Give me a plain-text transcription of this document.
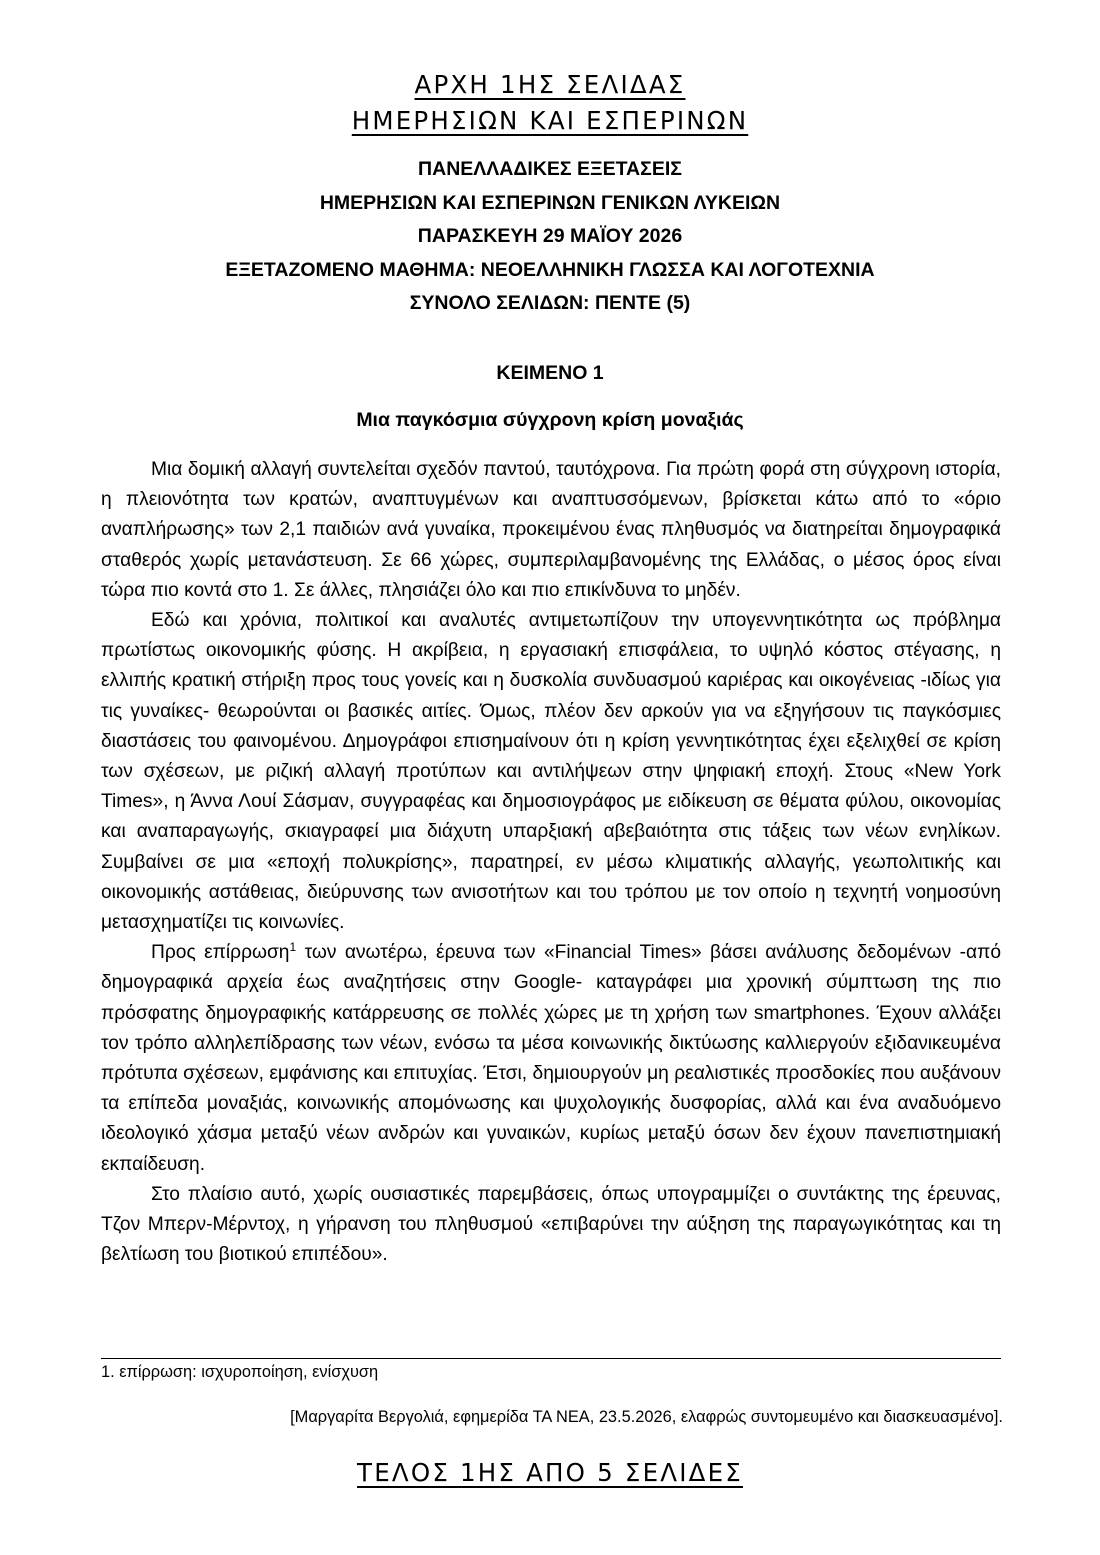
ΑΡΧΗ 1ΗΣ ΣΕΛΙΔΑΣ
ΗΜΕΡΗΣΙΩΝ ΚΑΙ ΕΣΠΕΡΙΝΩΝ
ΠΑΝΕΛΛΑΔΙΚΕΣ ΕΞΕΤΑΣΕΙΣ
ΗΜΕΡΗΣΙΩΝ ΚΑΙ ΕΣΠΕΡΙΝΩΝ ΓΕΝΙΚΩΝ ΛΥΚΕΙΩΝ
ΠΑΡΑΣΚΕΥΗ 29 ΜΑΪΟΥ 2026
ΕΞΕΤΑΖΟΜΕΝΟ ΜΑΘΗΜΑ: ΝΕΟΕΛΛΗΝΙΚΗ ΓΛΩΣΣΑ ΚΑΙ ΛΟΓΟΤΕΧΝΙΑ
ΣΥΝΟΛΟ ΣΕΛΙΔΩΝ: ΠΕΝΤΕ (5)
ΚΕΙΜΕΝΟ 1
Μια παγκόσμια σύγχρονη κρίση μοναξιάς

Μια δομική αλλαγή συντελείται σχεδόν παντού, ταυτόχρονα. Για πρώτη φορά στη σύγχρονη ιστορία, η πλειονότητα των κρατών, αναπτυγμένων και αναπτυσσόμενων, βρίσκεται κάτω από το «όριο αναπλήρωσης» των 2,1 παιδιών ανά γυναίκα, προκειμένου ένας πληθυσμός να διατηρείται δημογραφικά σταθερός χωρίς μετανάστευση. Σε 66 χώρες, συμπεριλαμβανομένης της Ελλάδας, ο μέσος όρος είναι τώρα πιο κοντά στο 1. Σε άλλες, πλησιάζει όλο και πιο επικίνδυνα το μηδέν.

Εδώ και χρόνια, πολιτικοί και αναλυτές αντιμετωπίζουν την υπογεννητικότητα ως πρόβλημα πρωτίστως οικονομικής φύσης. Η ακρίβεια, η εργασιακή επισφάλεια, το υψηλό κόστος στέγασης, η ελλιπής κρατική στήριξη προς τους γονείς και η δυσκολία συνδυασμού καριέρας και οικογένειας -ιδίως για τις γυναίκες- θεωρούνται οι βασικές αιτίες. Όμως, πλέον δεν αρκούν για να εξηγήσουν τις παγκόσμιες διαστάσεις του φαινομένου. Δημογράφοι επισημαίνουν ότι η κρίση γεννητικότητας έχει εξελιχθεί σε κρίση των σχέσεων, με ριζική αλλαγή προτύπων και αντιλήψεων στην ψηφιακή εποχή. Στους «New York Times», η Άννα Λουί Σάσμαν, συγγραφέας και δημοσιογράφος με ειδίκευση σε θέματα φύλου, οικονομίας και αναπαραγωγής, σκιαγραφεί μια διάχυτη υπαρξιακή αβεβαιότητα στις τάξεις των νέων ενηλίκων. Συμβαίνει σε μια «εποχή πολυκρίσης», παρατηρεί, εν μέσω κλιματικής αλλαγής, γεωπολιτικής και οικονομικής αστάθειας, διεύρυνσης των ανισοτήτων και του τρόπου με τον οποίο η τεχνητή νοημοσύνη μετασχηματίζει τις κοινωνίες.

Προς επίρρωση$^1$ των ανωτέρω, έρευνα των «Financial Times» βάσει ανάλυσης δεδομένων -από δημογραφικά αρχεία έως αναζητήσεις στην Google- καταγράφει μια χρονική σύμπτωση της πιο πρόσφατης δημογραφικής κατάρρευσης σε πολλές χώρες με τη χρήση των smartphones. Έχουν αλλάξει τον τρόπο αλληλεπίδρασης των νέων, ενόσω τα μέσα κοινωνικής δικτύωσης καλλιεργούν εξιδανικευμένα πρότυπα σχέσεων, εμφάνισης και επιτυχίας. Έτσι, δημιουργούν μη ρεαλιστικές προσδοκίες που αυξάνουν τα επίπεδα μοναξιάς, κοινωνικής απομόνωσης και ψυχολογικής δυσφορίας, αλλά και ένα αναδυόμενο ιδεολογικό χάσμα μεταξύ νέων ανδρών και γυναικών, κυρίως μεταξύ όσων δεν έχουν πανεπιστημιακή εκπαίδευση.

Στο πλαίσιο αυτό, χωρίς ουσιαστικές παρεμβάσεις, όπως υπογραμμίζει ο συντάκτης της έρευνας, Τζον Μπερν-Μέρντοχ, η γήρανση του πληθυσμού «επιβαρύνει την αύξηση της παραγωγικότητας και τη βελτίωση του βιοτικού επιπέδου».

1. επίρρωση: ισχυροποίηση, ενίσχυση
[Μαργαρίτα Βεργολιά, εφημερίδα ΤΑ ΝΕΑ, 23.5.2026, ελαφρώς συντομευμένο και διασκευασμένο].
ΤΕΛΟΣ 1ΗΣ ΑΠΟ 5 ΣΕΛΙΔΕΣ
